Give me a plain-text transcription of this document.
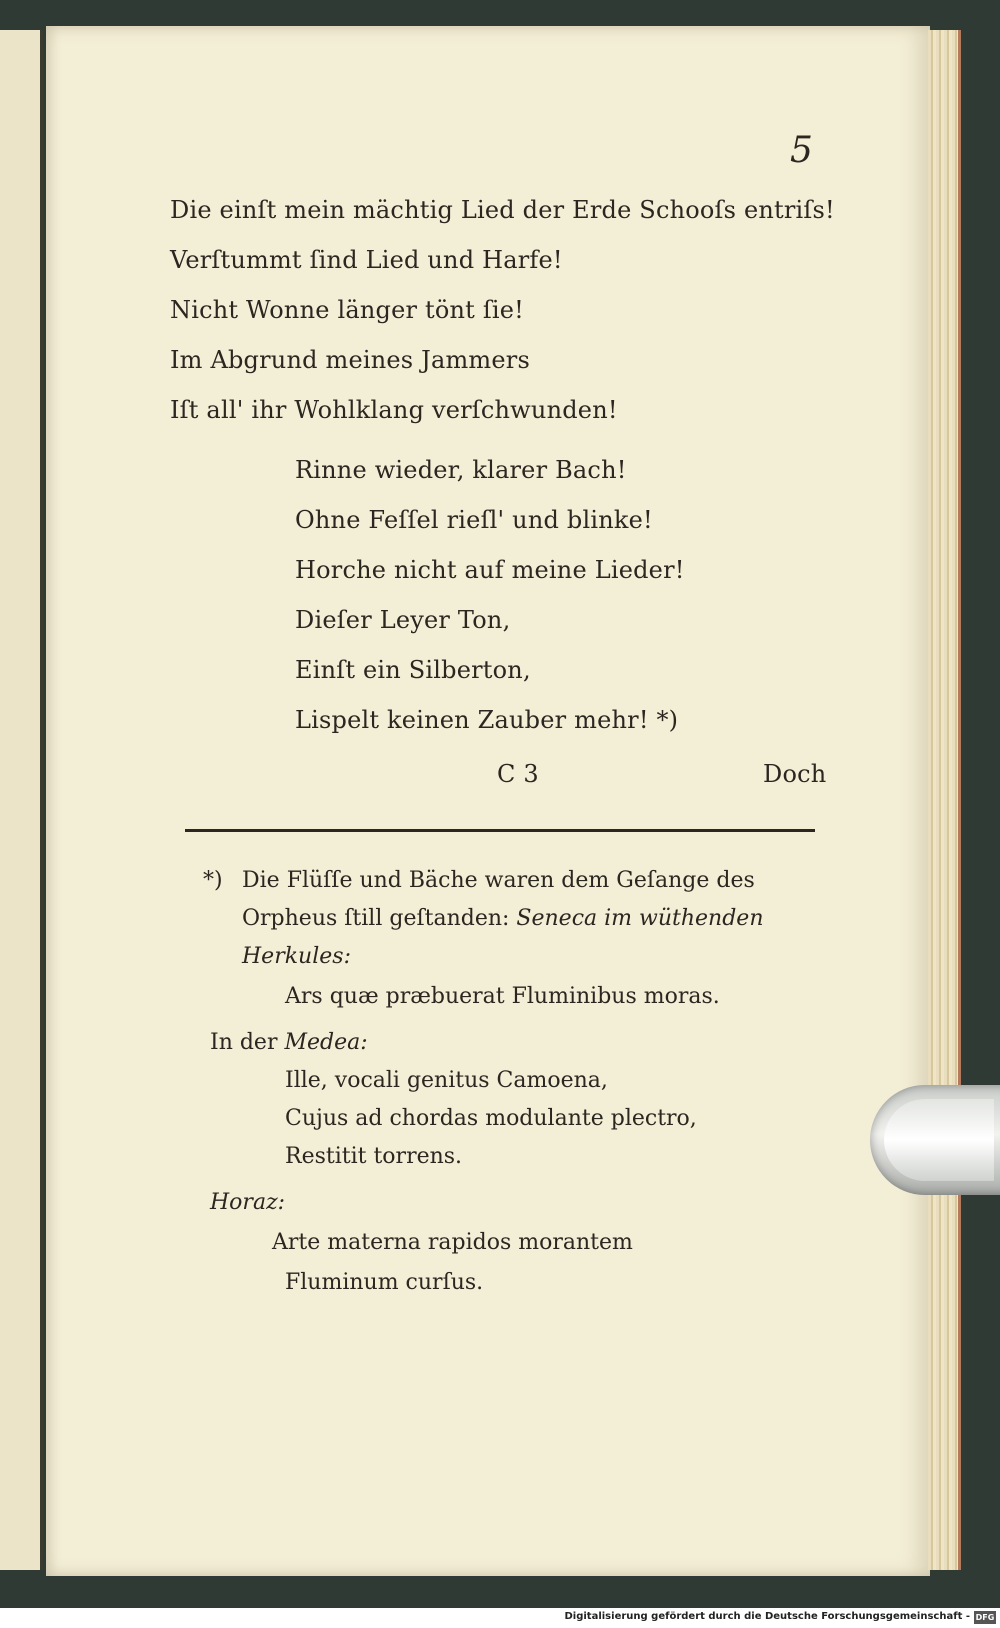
5
Die einſt mein mächtig Lied der Erde Schooſs entriſs!
Verſtummt ſind Lied und Harfe!
Nicht Wonne länger tönt ſie!
Im Abgrund meines Jammers
Iſt all' ihr Wohlklang verſchwunden!
Rinne wieder, klarer Bach!
Ohne Feſſel rieſl' und blinke!
Horche nicht auf meine Lieder!
Dieſer Leyer Ton,
Einſt ein Silberton,
Lispelt keinen Zauber mehr! *)
C 3	Doch
*) Die Flüſſe und Bäche waren dem Geſange des
Orpheus ſtill geſtanden: Seneca im wüthenden
Herkules:
Ars quæ præbuerat Fluminibus moras.
In der Medea:
Ille, vocali genitus Camoena,
Cujus ad chordas modulante plectro,
Restitit torrens.
Horaz:
Arte materna rapidos morantem
Fluminum curſus.
Digitalisierung gefördert durch die Deutsche Forschungsgemeinschaft - DFG
